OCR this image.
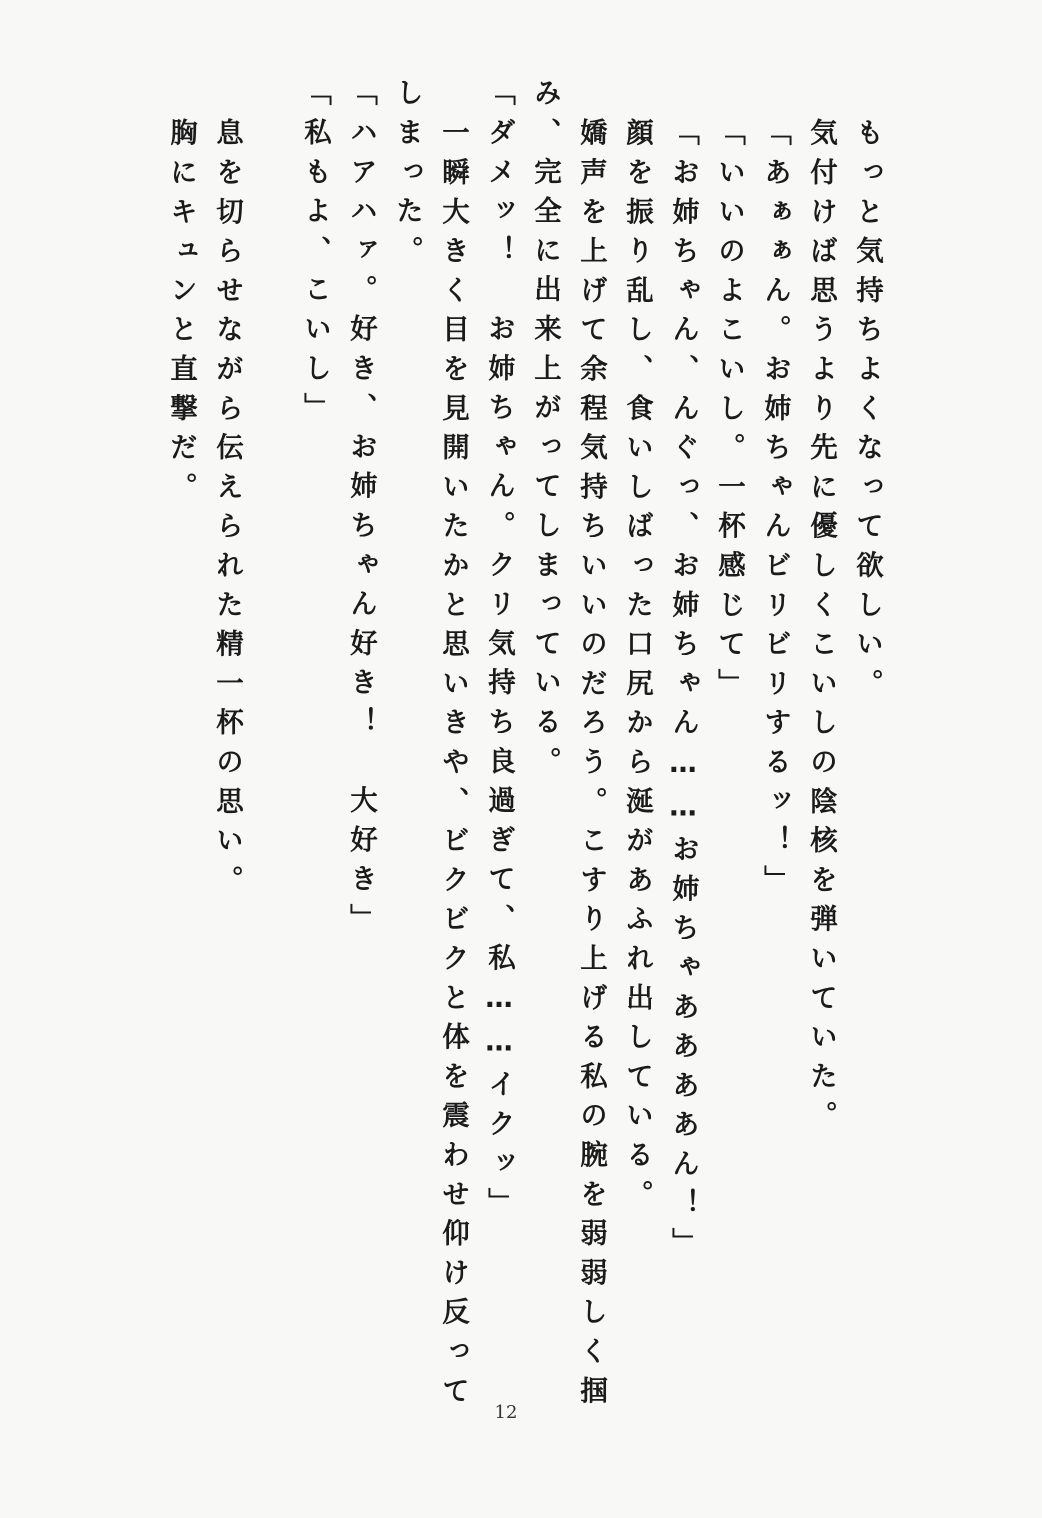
もっと気持ちよくなって欲しい。
気付けば思うより先に優しくこいしの陰核を弾いていた。
「あぁぁん。お姉ちゃんビリビリするッ！」
「いいのよこいし。一杯感じて」
「お姉ちゃん、んぐっ、お姉ちゃん……お姉ちゃああああん！」
顔を振り乱し、食いしばった口尻から涎があふれ出している。
嬌声を上げて余程気持ちいいのだろう。こすり上げる私の腕を弱弱しく掴
み、完全に出来上がってしまっている。
「ダメッ！　お姉ちゃん。クリ気持ち良過ぎて、私……イクッ」
一瞬大きく目を見開いたかと思いきや、ビクビクと体を震わせ仰け反って
しまった。
「ハアハァ。好き、お姉ちゃん好き！　大好き」
「私もよ、こいし」
息を切らせながら伝えられた精一杯の思い。
胸にキュンと直撃だ。
12
